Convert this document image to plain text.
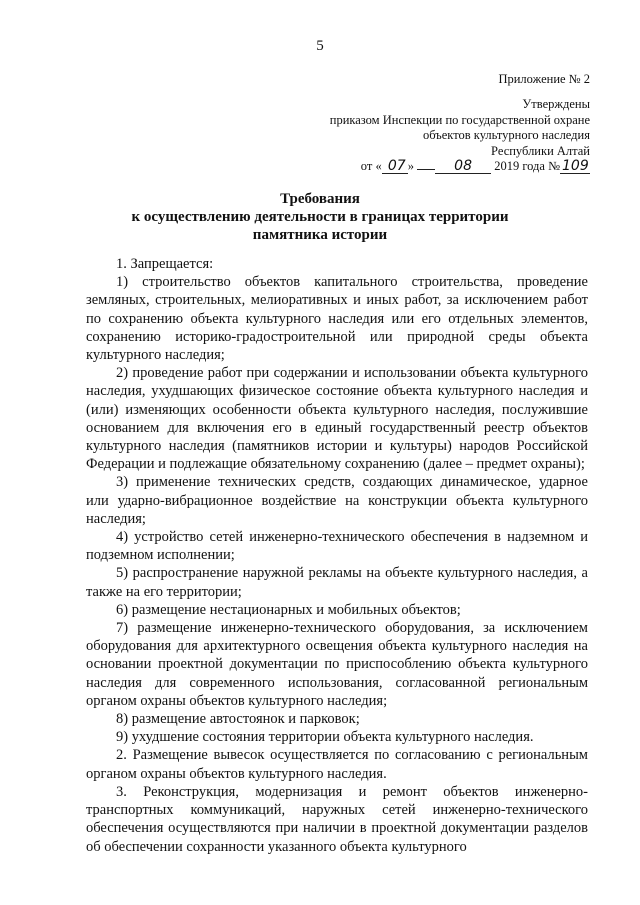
5
Приложение № 2
Утверждены
приказом Инспекции по государственной охране
объектов культурного наследия
Республики Алтай
от « 07 »	08 2019 года № 109
Требования
к осуществлению деятельности в границах территории
памятника истории

1. Запрещается:

1) строительство объектов капитального строительства, проведение земляных, строительных, мелиоративных и иных работ, за исключением работ по сохранению объекта культурного наследия или его отдельных элементов, сохранению историко-градостроительной или природной среды объекта культурного наследия;

2) проведение работ при содержании и использовании объекта культурного наследия, ухудшающих физическое состояние объекта культурного наследия и (или) изменяющих особенности объекта культурного наследия, послужившие основанием для включения его в единый государственный реестр объектов культурного наследия (памятников истории и культуры) народов Российской Федерации и подлежащие обязательному сохранению (далее – предмет охраны);

3) применение технических средств, создающих динамическое, ударное или ударно-вибрационное воздействие на конструкции объекта культурного наследия;

4) устройство сетей инженерно-технического обеспечения в надземном и подземном исполнении;

5) распространение наружной рекламы на объекте культурного наследия, а также на его территории;

6) размещение нестационарных и мобильных объектов;

7) размещение инженерно-технического оборудования, за исключением оборудования для архитектурного освещения объекта культурного наследия на основании проектной документации по приспособлению объекта культурного наследия для современного использования, согласованной региональным органом охраны объектов культурного наследия;

8) размещение автостоянок и парковок;

9) ухудшение состояния территории объекта культурного наследия.

2. Размещение вывесок осуществляется по согласованию с региональным органом охраны объектов культурного наследия.

3. Реконструкция, модернизация и ремонт объектов инженерно-транспортных коммуникаций, наружных сетей инженерно-технического обеспечения осуществляются при наличии в проектной документации разделов об обеспечении сохранности указанного объекта культурного
